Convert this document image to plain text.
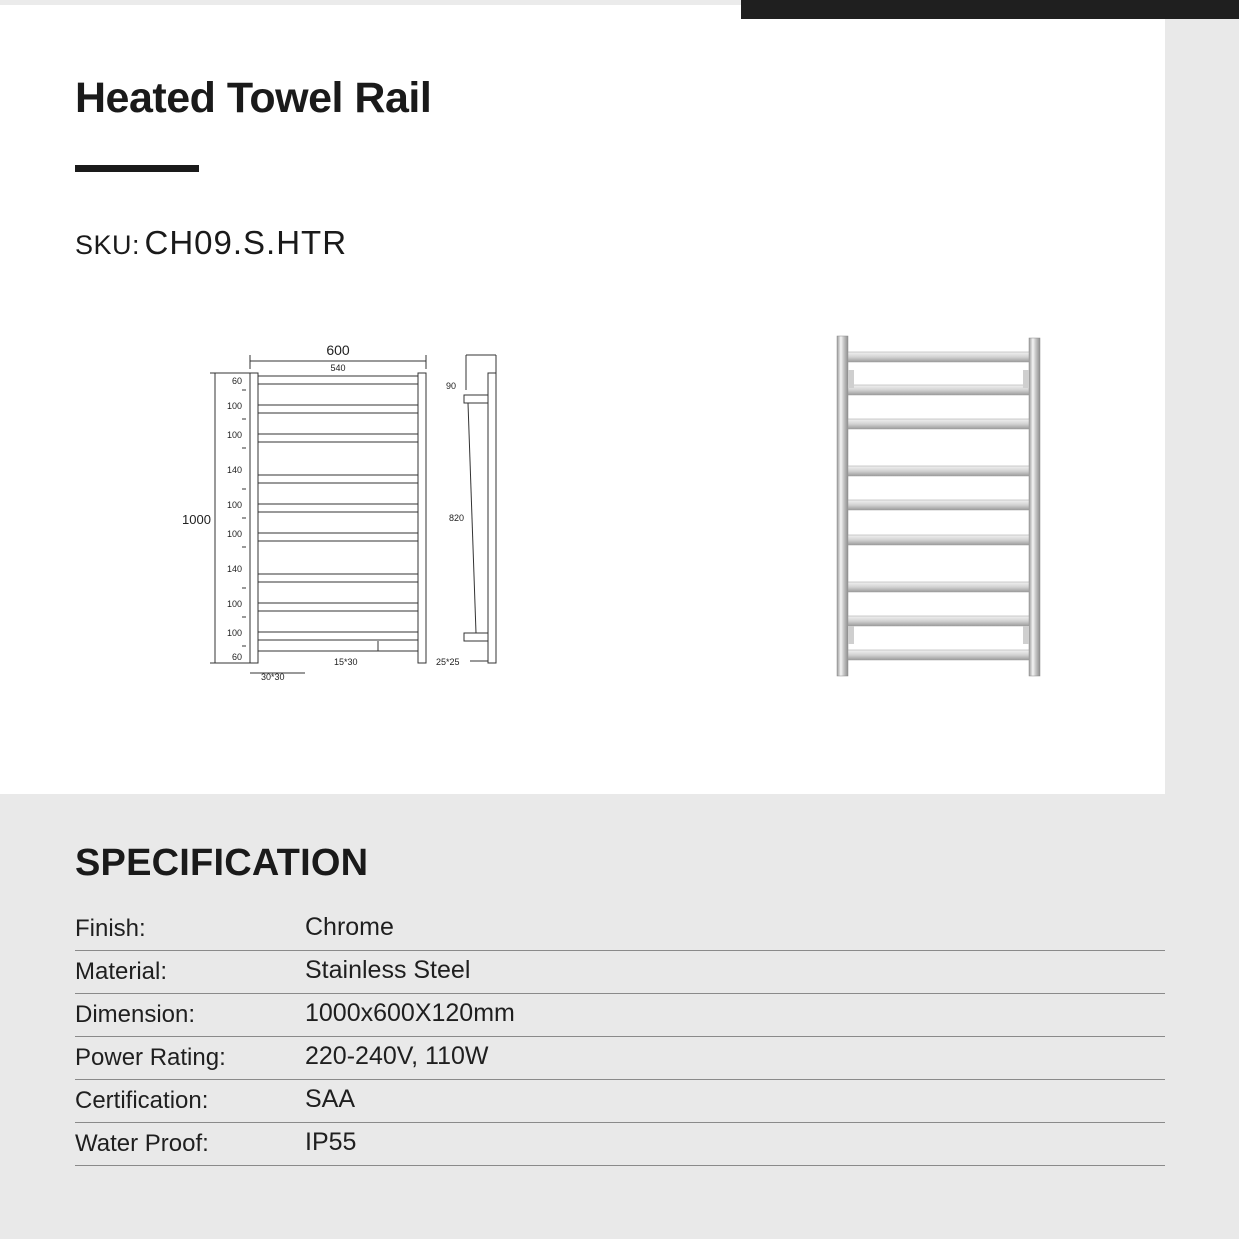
Heated Towel Rail

SKU: CH09.S.HTR

600
540
1000
60
100
100
140
100
100
140
100
100
60
30*30
15*30
90
820
25*25
SPECIFICATION
Finish:	Chrome
Material:	Stainless Steel
Dimension:	1000x600X120mm
Power Rating:	220-240V, 110W
Certification:	SAA
Water Proof:	IP55
